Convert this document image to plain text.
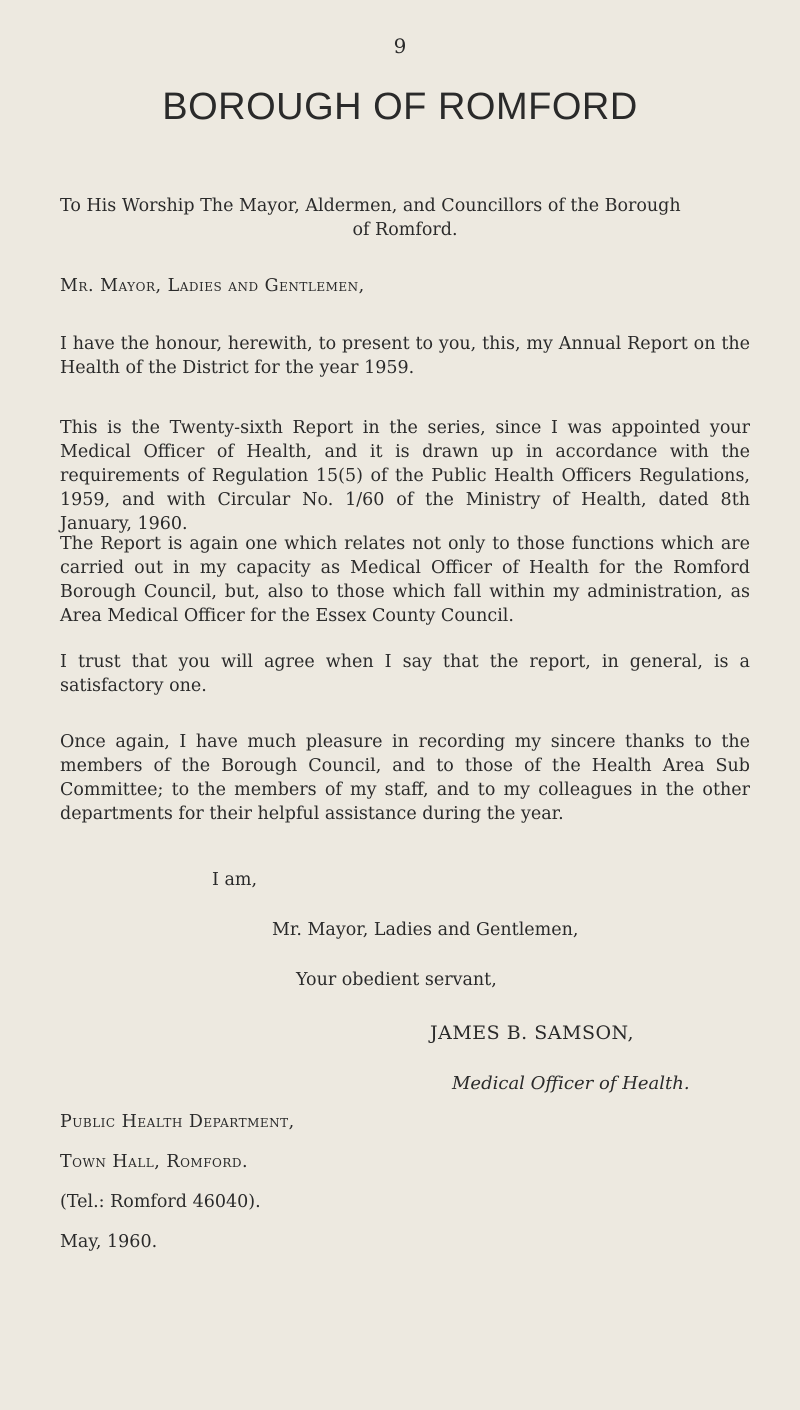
9
BOROUGH OF ROMFORD
To His Worship The Mayor, Aldermen, and Councillors of the Borough
of Romford.
Mr. Mayor, Ladies and Gentlemen,

I have the honour, herewith, to present to you, this, my Annual Report on the Health of the District for the year 1959.

This is the Twenty-sixth Report in the series, since I was appointed your Medical Officer of Health, and it is drawn up in accordance with the requirements of Regulation 15(5) of the Public Health Officers Regulations, 1959, and with Circular No. 1/60 of the Ministry of Health, dated 8th January, 1960.

The Report is again one which relates not only to those functions which are carried out in my capacity as Medical Officer of Health for the Romford Borough Council, but, also to those which fall within my administration, as Area Medical Officer for the Essex County Council.

I trust that you will agree when I say that the report, in general, is a satisfactory one.

Once again, I have much pleasure in recording my sincere thanks to the members of the Borough Council, and to those of the Health Area Sub Committee; to the members of my staff, and to my colleagues in the other departments for their helpful assistance during the year.

I am,
Mr. Mayor, Ladies and Gentlemen,
Your obedient servant,
JAMES B. SAMSON,
Medical Officer of Health.
Public Health Department,
Town Hall, Romford.
(Tel.: Romford 46040).
May, 1960.
